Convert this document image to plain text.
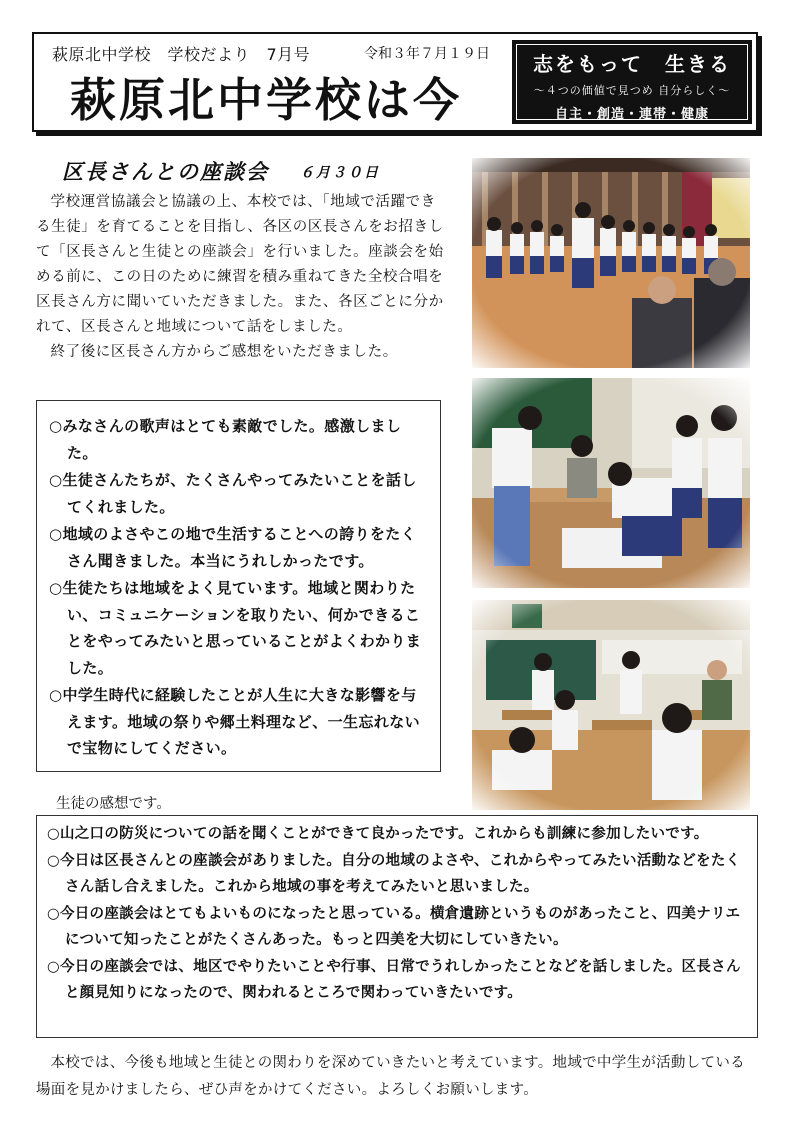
萩原北中学校　学校だより　7月号	令和３年７月１９日
萩原北中学校は今
志をもって　生きる
～４つの価値で見つめ 自分らしく～
自主・創造・連帯・健康
区長さんとの座談会 ６月３０日

学校運営協議会と協議の上、本校では、「地域で活躍できる生徒」を育てることを目指し、各区の区長さんをお招きして「区長さんと生徒との座談会」を行いました。座談会を始める前に、この日のために練習を積み重ねてきた全校合唱を区長さん方に聞いていただきました。また、各区ごとに分かれて、区長さんと地域について話をしました。

終了後に区長さん方からご感想をいただきました。

○みなさんの歌声はとても素敵でした。感激しました。
○生徒さんたちが、たくさんやってみたいことを話してくれました。
○地域のよさやこの地で生活することへの誇りをたくさん聞きました。本当にうれしかったです。
○生徒たちは地域をよく見ています。地域と関わりたい、コミュニケーションを取りたい、何かできることをやってみたいと思っていることがよくわかりました。
○中学生時代に経験したことが人生に大きな影響を与えます。地域の祭りや郷土料理など、一生忘れないで宝物にしてください。
生徒の感想です。
○山之口の防災についての話を聞くことができて良かったです。これからも訓練に参加したいです。
○今日は区長さんとの座談会がありました。自分の地域のよさや、これからやってみたい活動などをたくさん話し合えました。これから地域の事を考えてみたいと思いました。
○今日の座談会はとてもよいものになったと思っている。横倉遺跡というものがあったこと、四美ナリエについて知ったことがたくさんあった。もっと四美を大切にしていきたい。
○今日の座談会では、地区でやりたいことや行事、日常でうれしかったことなどを話しました。区長さんと顔見知りになったので、関われるところで関わっていきたいです。
本校では、今後も地域と生徒との関わりを深めていきたいと考えています。地域で中学生が活動している場面を見かけましたら、ぜひ声をかけてください。よろしくお願いします。
